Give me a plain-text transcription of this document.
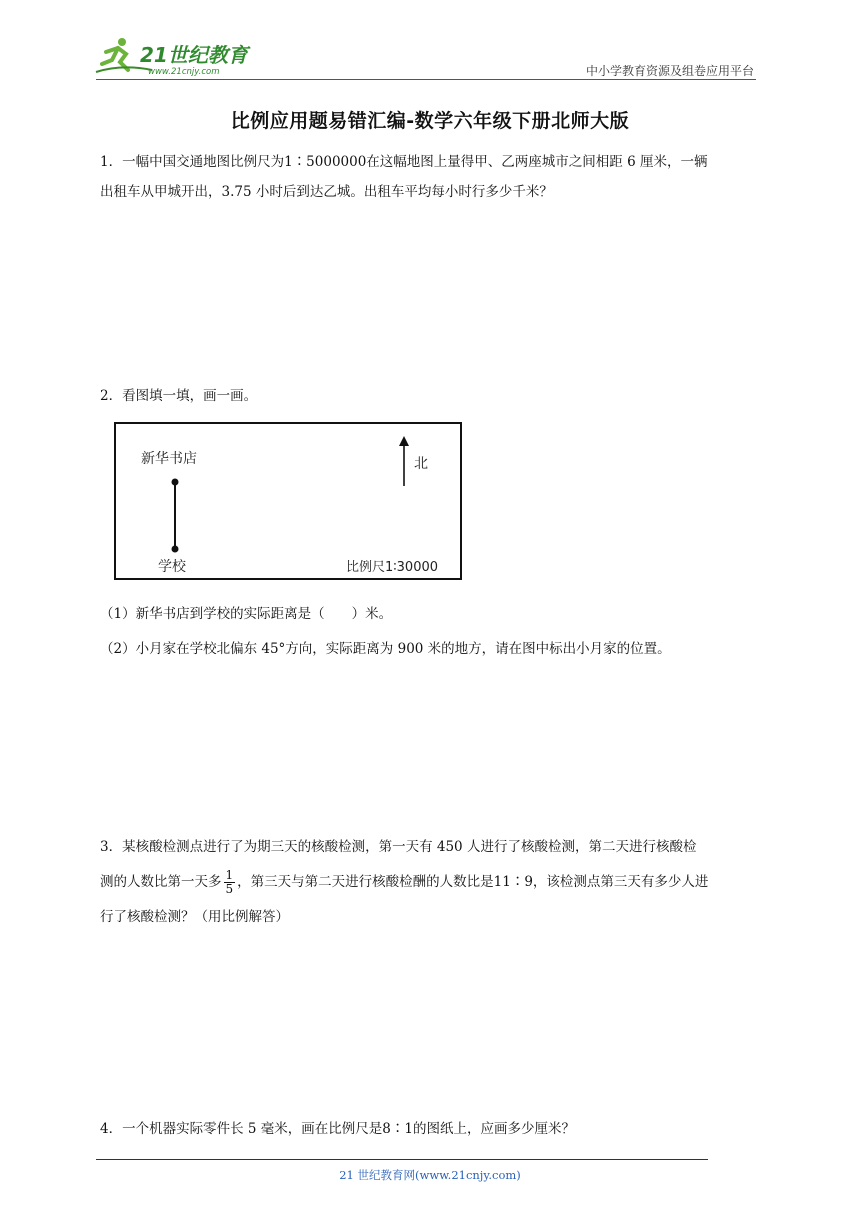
21世纪教育
www.21cnjy.com	中小学教育资源及组卷应用平台
比例应用题易错汇编-数学六年级下册北师大版
1．一幅中国交通地图比例尺为1∶5000000在这幅地图上量得甲、乙两座城市之间相距 6 厘米，一辆
出租车从甲城开出，3.75 小时后到达乙城。出租车平均每小时行多少千米？
2．看图填一填，画一画。
新华书店
学校
北
比例尺1∶30000
（1）新华书店到学校的实际距离是（　　）米。
（2）小月家在学校北偏东 45°方向，实际距离为 900 米的地方，请在图中标出小月家的位置。
3．某核酸检测点进行了为期三天的核酸检测，第一天有 450 人进行了核酸检测，第二天进行核酸检
测的人数比第一天多 $\frac{1}{5}$ ，第三天与第二天进行核酸检酬的人数比是11∶9，该检测点第三天有多少人进
行了核酸检测？（用比例解答）
4．一个机器实际零件长 5 毫米，画在比例尺是8∶1的图纸上，应画多少厘米？
21 世纪教育网(www.21cnjy.com)
